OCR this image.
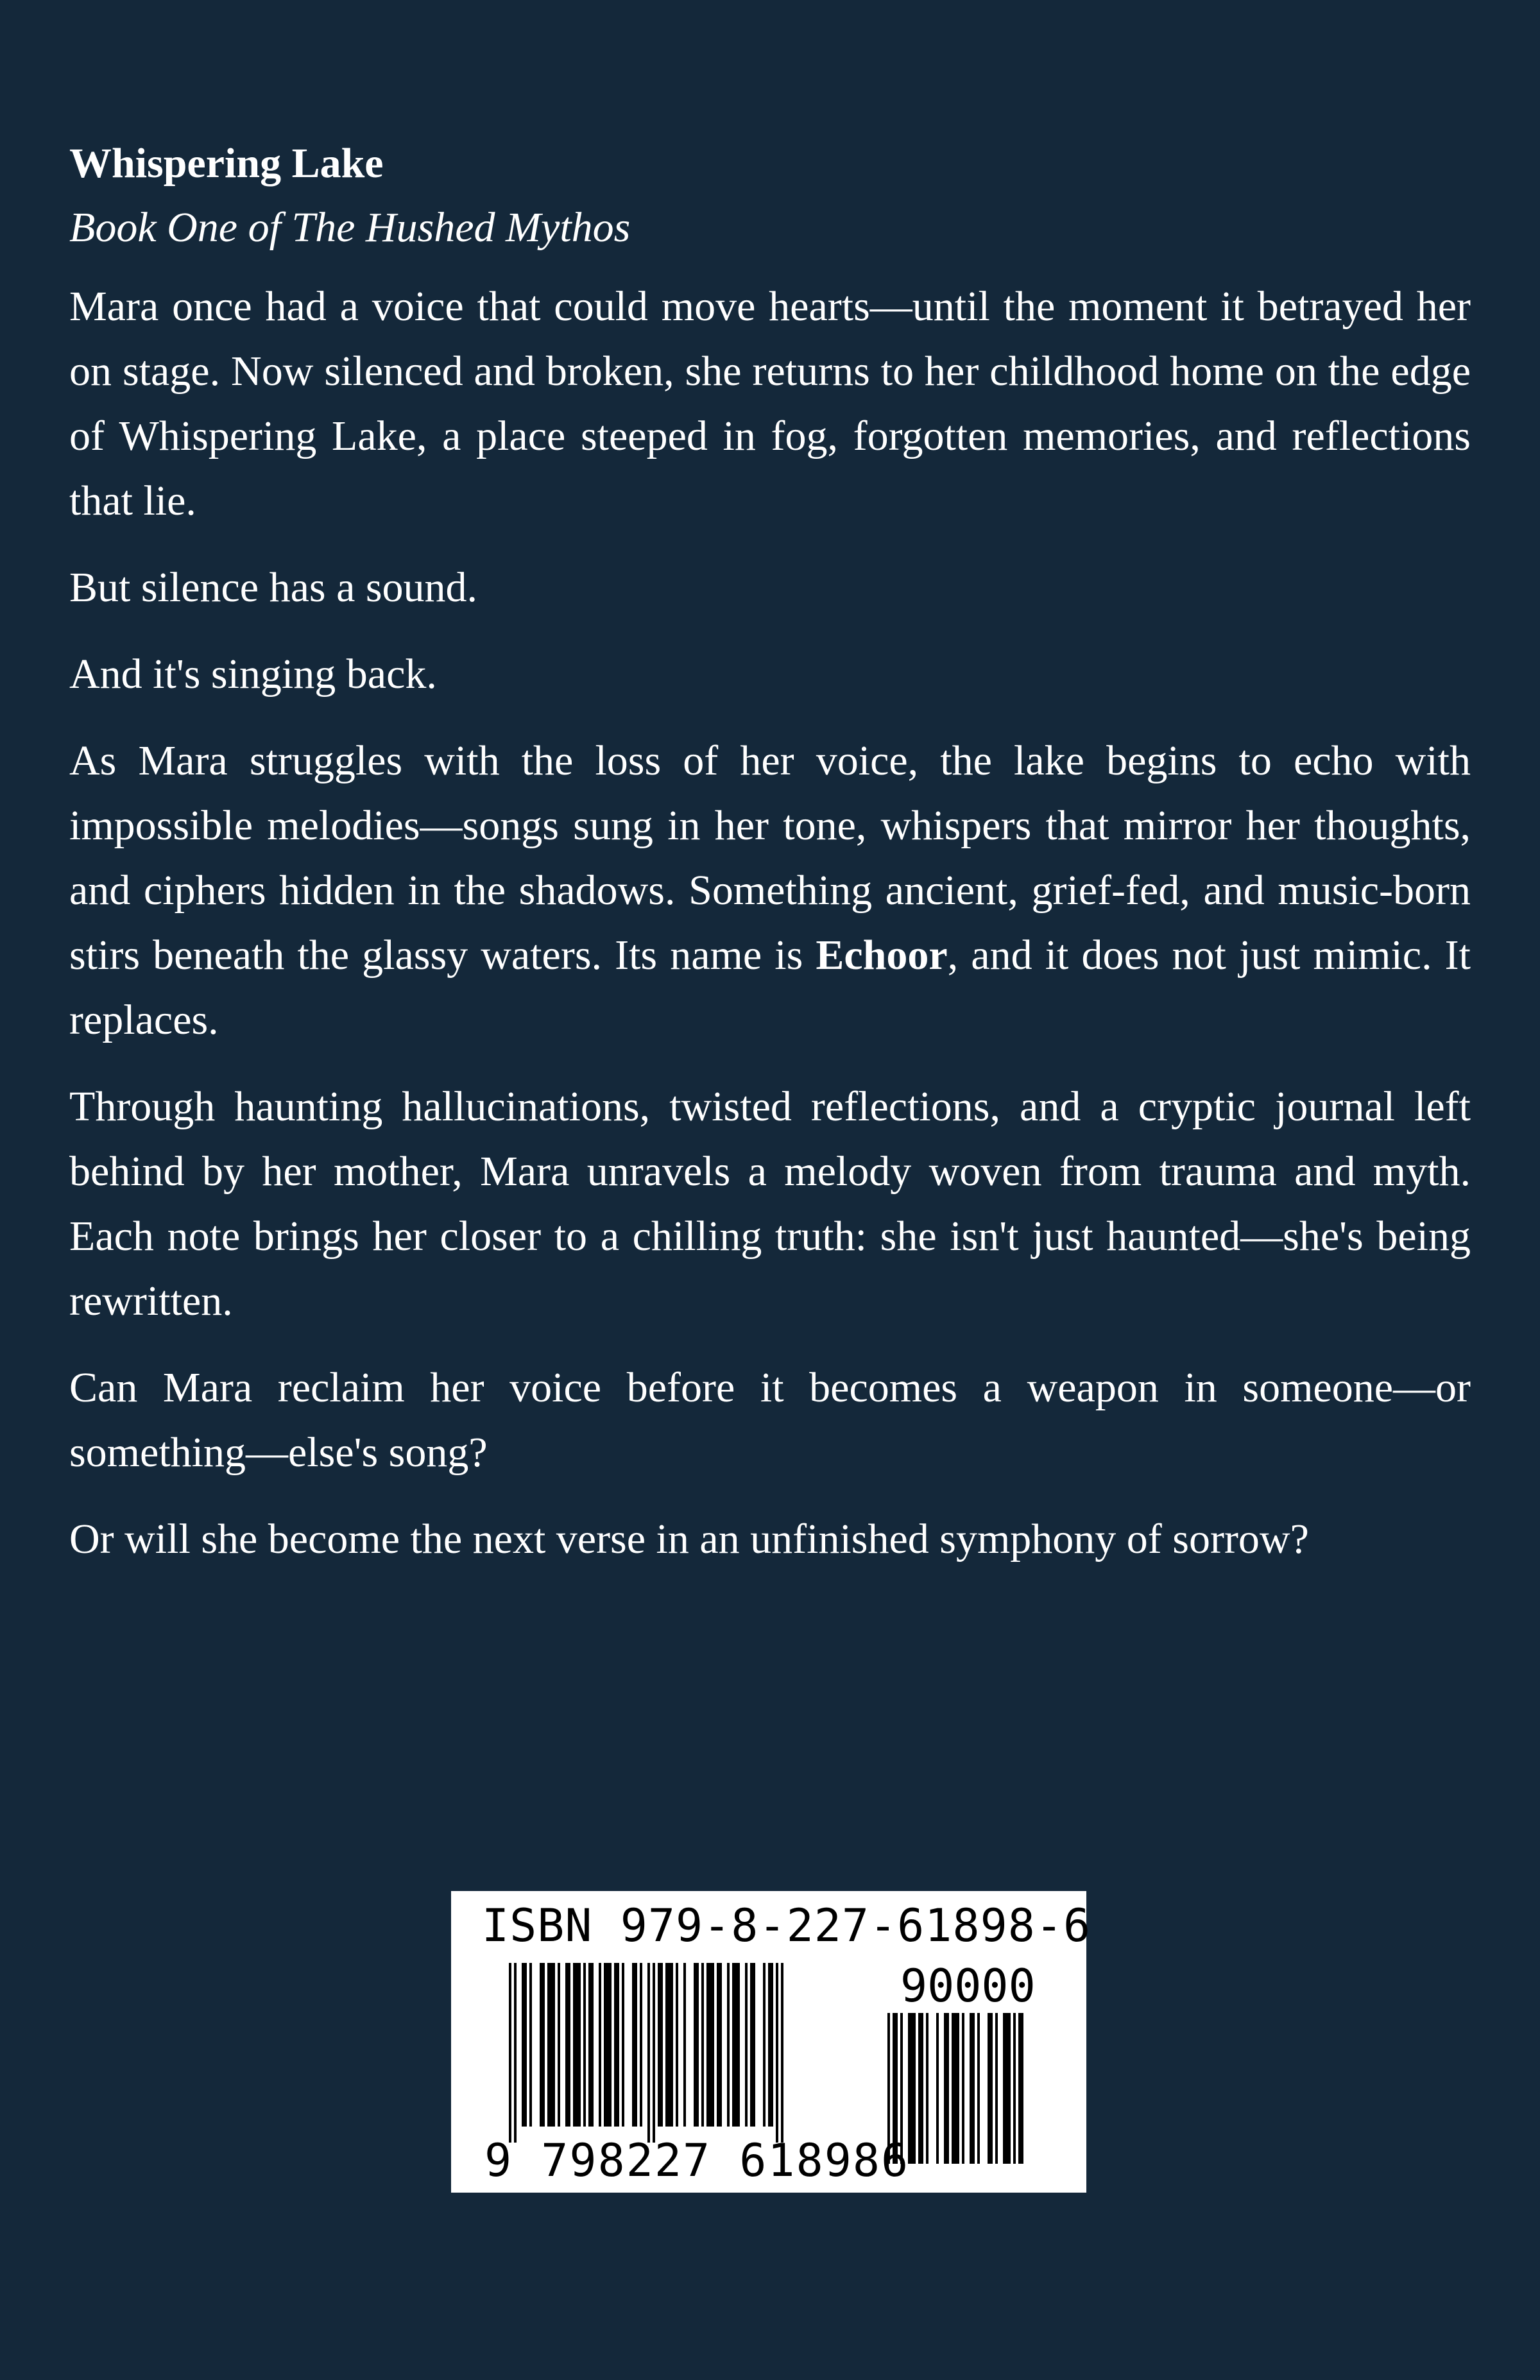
Whispering Lake

Book One of The Hushed Mythos

Mara once had a voice that could move hearts—until the moment it betrayed her on stage. Now silenced and broken, she returns to her childhood home on the edge of Whispering Lake, a place steeped in fog, forgotten memories, and reflections that lie.

But silence has a sound.

And it's singing back.

As Mara struggles with the loss of her voice, the lake begins to echo with impossible melodies—songs sung in her tone, whispers that mirror her thoughts, and ciphers hidden in the shadows. Something ancient, grief-fed, and music-born stirs beneath the glassy waters. Its name is Echoor, and it does not just mimic. It replaces.

Through haunting hallucinations, twisted reflections, and a cryptic journal left behind by her mother, Mara unravels a melody woven from trauma and myth. Each note brings her closer to a chilling truth: she isn't just haunted—she's being rewritten.

Can Mara reclaim her voice before it becomes a weapon in someone—or something—else's song?

Or will she become the next verse in an unfinished symphony of sorrow?

ISBN 979-8-227-61898-6
90000
9 798227 618986
